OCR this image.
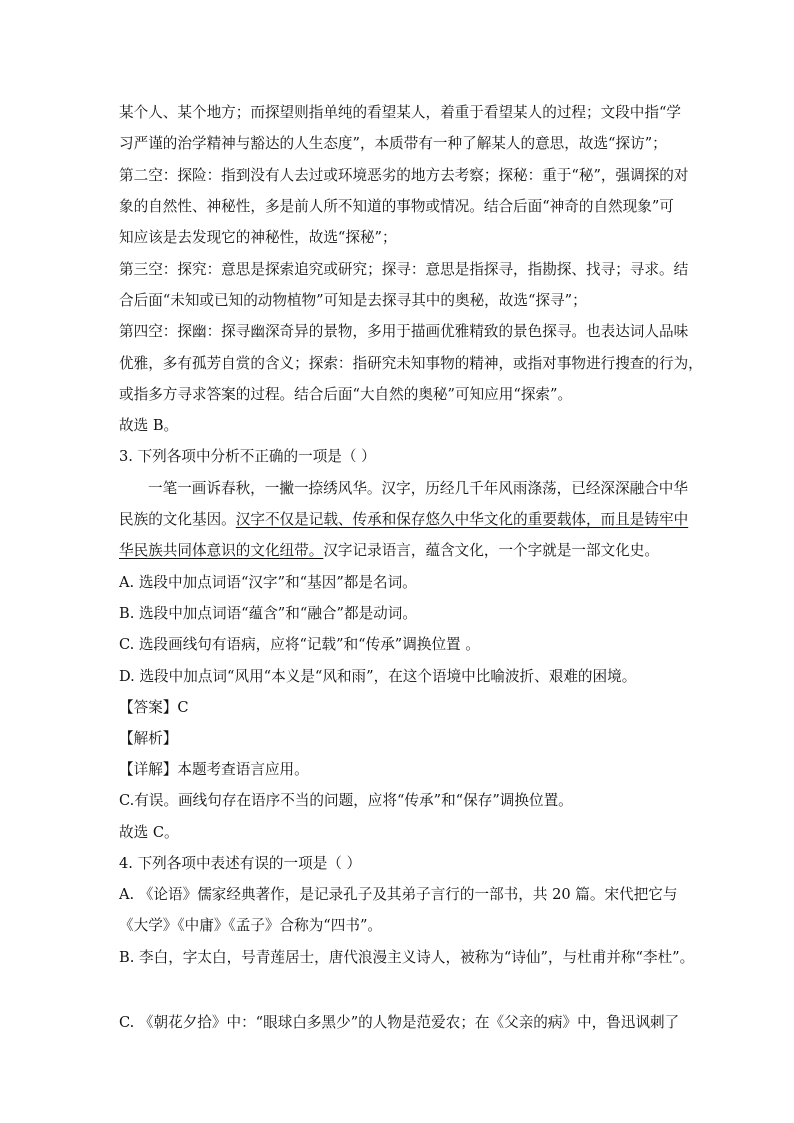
某个人、某个地方；而探望则指单纯的看望某人，着重于看望某人的过程；文段中指“学
习严谨的治学精神与豁达的人生态度”，本质带有一种了解某人的意思，故选“探访”；
第二空：探险：指到没有人去过或环境恶劣的地方去考察；探秘：重于“秘”，强调探的对
象的自然性、神秘性，多是前人所不知道的事物或情况。结合后面“神奇的自然现象”可
知应该是去发现它的神秘性，故选“探秘”；
第三空：探究：意思是探索追究或研究；探寻：意思是指探寻，指勘探、找寻；寻求。结
合后面“未知或已知的动物植物”可知是去探寻其中的奥秘，故选“探寻”；
第四空：探幽：探寻幽深奇异的景物，多用于描画优雅精致的景色探寻。也表达词人品味
优雅，多有孤芳自赏的含义；探索：指研究未知事物的精神，或指对事物进行搜查的行为，
或指多方寻求答案的过程。结合后面“大自然的奥秘”可知应用“探索”。
故选 B。
3. 下列各项中分析不正确的一项是（ ）
一笔一画诉春秋，一撇一捺绣风华。汉字，历经几千年风雨涤荡，已经深深融合中华
民族的文化基因。汉字不仅是记载、传承和保存悠久中华文化的重要载体，而且是铸牢中
华民族共同体意识的文化纽带。汉字记录语言，蕴含文化，一个字就是一部文化史。
A. 选段中加点词语“汉字”和“基因”都是名词。
B. 选段中加点词语“蕴含”和“融合”都是动词。
C. 选段画线句有语病，应将“记载”和“传承”调换位置 。
D. 选段中加点词“风用“本义是“风和雨”，在这个语境中比喻波折、艰难的困境。
【答案】C
【解析】
【详解】本题考查语言应用。
C.有误。画线句存在语序不当的问题，应将“传承”和“保存”调换位置。
故选 C。
4. 下列各项中表述有误的一项是（ ）
A. 《论语》儒家经典著作，是记录孔子及其弟子言行的一部书，共 20 篇。宋代把它与
《大学》《中庸》《孟子》合称为“四书”。
B. 李白，字太白，号青莲居士，唐代浪漫主义诗人，被称为“诗仙”，与杜甫并称“李杜”。
C. 《朝花夕拾》中：“眼球白多黑少”的人物是范爱农；在《父亲的病》中，鲁迅讽刺了
